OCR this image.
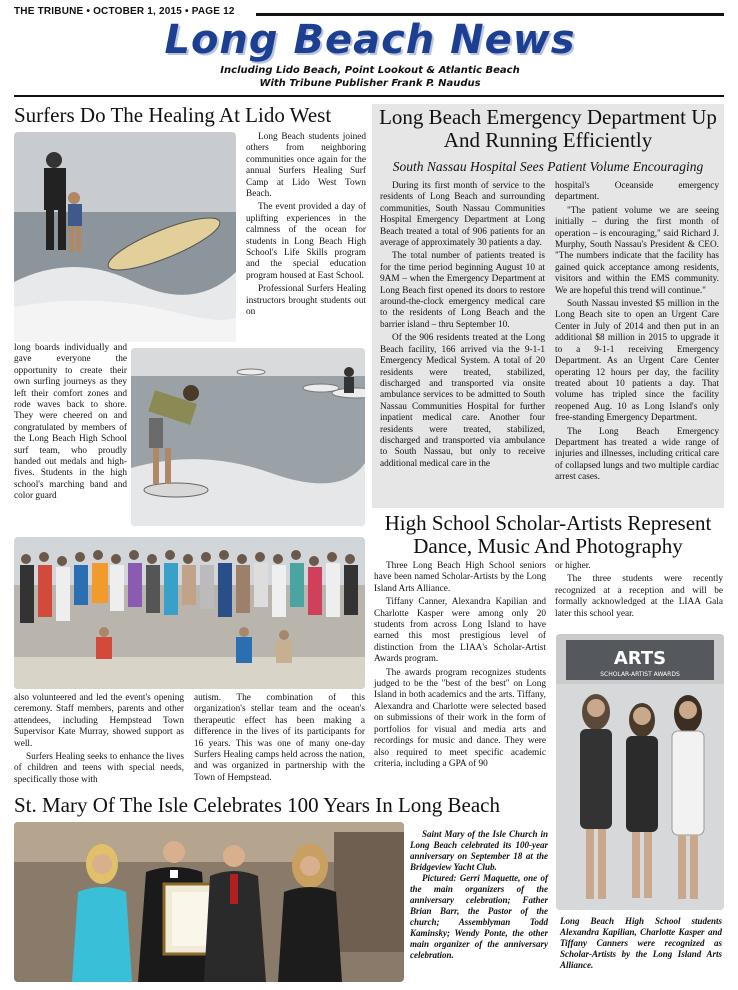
THE TRIBUNE • OCTOBER 1, 2015 • PAGE 12
Long Beach News
Including Lido Beach, Point Lookout & Atlantic Beach
With Tribune Publisher Frank P. Naudus
Surfers Do The Healing At Lido West

Long Beach students joined others from neighboring communities once again for the annual Surfers Healing Surf Camp at Lido West Town Beach.

The event provided a day of uplifting experiences in the calmness of the ocean for students in Long Beach High School's Life Skills program and the special education program housed at East School.

Professional Surfers Healing instructors brought students out on

long boards individually and gave everyone the opportunity to create their own surfing journeys as they left their comfort zones and rode waves back to shore. They were cheered on and congratulated by members of the Long Beach High School surf team, who proudly handed out medals and high-fives. Students in the high school's marching band and color guard

also volunteered and led the event's opening ceremony. Staff members, parents and other attendees, including Hempstead Town Supervisor Kate Murray, showed support as well.

Surfers Healing seeks to enhance the lives of children and teens with special needs, specifically those with

autism. The combination of this organization's stellar team and the ocean's therapeutic effect has been making a difference in the lives of its participants for 16 years. This was one of many one-day Surfers Healing camps held across the nation, and was organized in partnership with the Town of Hempstead.

Long Beach Emergency Department Up And Running Efficiently
South Nassau Hospital Sees Patient Volume Encouraging

During its first month of service to the residents of Long Beach and surrounding communities, South Nassau Communities Hospital Emergency Department at Long Beach treated a total of 906 patients for an average of approximately 30 patients a day.

The total number of patients treated is for the time period beginning August 10 at 9AM – when the Emergency Department at Long Beach first opened its doors to restore around-the-clock emergency medical care to the residents of Long Beach and the barrier island – thru September 10.

Of the 906 residents treated at the Long Beach facility, 166 arrived via the 9-1-1 Emergency Medical System. A total of 20 residents were treated, stabilized, discharged and transported via onsite ambulance services to be admitted to South Nassau Communities Hospital for further inpatient medical care. Another four residents were treated, stabilized, discharged and transported via ambulance to South Nassau, but only to receive additional medical care in the

hospital's Oceanside emergency department.

"The patient volume we are seeing initially – during the first month of operation – is encouraging," said Richard J. Murphy, South Nassau's President & CEO. "The numbers indicate that the facility has gained quick acceptance among residents, visitors and within the EMS community. We are hopeful this trend will continue."

South Nassau invested $5 million in the Long Beach site to open an Urgent Care Center in July of 2014 and then put in an additional $8 million in 2015 to upgrade it to a 9-1-1 receiving Emergency Department. As an Urgent Care Center operating 12 hours per day, the facility treated about 10 patients a day. That volume has tripled since the facility reopened Aug. 10 as Long Island's only free-standing Emergency Department.

The Long Beach Emergency Department has treated a wide range of injuries and illnesses, including critical care of collapsed lungs and two multiple cardiac arrest cases.

High School Scholar-Artists Represent Dance, Music And Photography

Three Long Beach High School seniors have been named Scholar-Artists by the Long Island Arts Alliance.

Tiffany Canner, Alexandra Kapilian and Charlotte Kasper were among only 20 students from across Long Island to have earned this most prestigious level of distinction from the LIAA's Scholar-Artist Awards program.

The awards program recognizes students judged to be the "best of the best" on Long Island in both academics and the arts. Tiffany, Alexandra and Charlotte were selected based on submissions of their work in the form of portfolios for visual and media arts and recordings for music and dance. They were also required to meet specific academic criteria, including a GPA of 90

or higher.

The three students were recently recognized at a reception and will be formally acknowledged at the LIAA Gala later this school year.

ARTS
SCHOLAR-ARTIST AWARDS
Long Beach High School students Alexandra Kapilian, Charlotte Kasper and Tiffany Canners were recognized as Scholar-Artists by the Long Island Arts Alliance.
St. Mary Of The Isle Celebrates 100 Years In Long Beach
Saint Mary of the Isle Church in Long Beach celebrated its 100-year anniversary on September 18 at the Bridgeview Yacht Club.
Pictured: Gerri Maquette, one of the main organizers of the anniversary celebration; Father Brian Barr, the Pastor of the church; Assemblyman Todd Kaminsky; Wendy Ponte, the other main organizer of the anniversary celebration.
